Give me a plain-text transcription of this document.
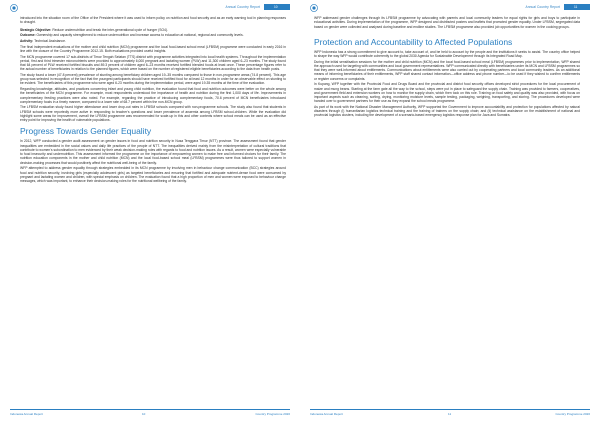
Annual Country Report	10

introduced into the situation room of the Office of the President where it was used to inform policy on nutrition and food security and as an early warning tool in planning responses to drought.

Strategic Objective: Reduce undernutrition and break the inter-generational cycle of hunger (SO4).

Outcome: Ownership and capacity strengthened to reduce undernutrition and increase access to education at national, regional and community levels.

Activity: Technical Assistance.

The final independent evaluations of the mother and child nutrition (MCN) programme and the local food-based school meal (LFBSM) programme were conducted in early 2016 in line with the closure of the Country Programme 2012-15. Both evaluations provided useful insights.

The MCN programme covered 17 sub-districts of Timor Tengah Selatan (TTS) district with programme activities integrated into local health systems. Throughout the implementation period, first and third trimester micronutrients were provided to approximately 6,000 pregnant and lactating women (PLW) and 11,300 children aged 6–23 months. The study found that 64 percent of PLW received fortified biscuits and 89.3 percent of children aged 6–23 months received fortified blended foods at least once. These percentage figures refer to the actual number of beneficiaries in relation to the planned figures, which were based on the number of registered eligible beneficiaries according to the data from health posts.

The study found a lower (47.8 percent) prevalence of stunting among beneficiary children aged 19–35 months compared to those in non-programme areas (74.8 percent). This age group was selected in recognition of the fact that the youngest participants should have received fortified food for at least 12 months in order for an observable effect on stunting to be evident. The beneficiaries of this programme who were aged 6-23 months during the implementation period, were aged 19-35 months at the time of the evaluation.

Regarding knowledge, attitudes, and practices concerning infant and young child nutrition, the evaluation found that food and nutrition outcomes were better on the whole among the beneficiaries of the MCN programme. For example, most respondents understood the importance of health and nutrition during the first 1,000 days of life. Improvements in complementary feeding practices were also noted. For example, regarding the practice of introducing complementary foods, 70.6 percent of MCN beneficiaries introduced complementary foods in a timely manner, compared to a lower rate of 68.7 percent within the non-MCN group.

The LFBSM evaluation study found higher attendance and lower drop-out rates in LFBSM schools compared with non-programme schools. The study also found that students in LFBSM schools were reportedly more active in responding to teacher's questions and lower prevalence of anaemia among LFBSM school-children. While the evaluation did highlight some areas for improvement, overall the LFBSM programme was recommended for scale-up in this and other contexts where school meals can be used as an effective entry point for improving the health of vulnerable populations.

Progress Towards Gender Equality

In 2012, WFP conducted a gender audit assessment on gender issues in food and nutrition security in Nusa Tenggara Timur (NTT) province. The assessment found that gender inequalities are embedded in the social values and daily life practices of the people of NTT. The inequalities derived mainly from the misinterpretation of cultural traditions that contribute to women's subordination to men evidenced by their weak decision-making roles with regards to food and nutrition issues. As a result, women were especially vulnerable to food insecurity and undernutrition. This assessment informed the programme on the importance of empowering women to make free and informed choices for their family. The nutrition education components in the mother and child nutrition (MCN) and the local food-based school meal (LFBSM) programmes were thus tailored to support women in decision-making processes that would positively affect the nutritional well-being of the family.

WFP attempted to address gender equality through strategies embedded in its MCN programme by involving men in behaviour change communication (BCC) strategies around food and nutrition security, involving girls (especially adolescent girls) as targeted beneficiaries and ensuring that fortified and adequate nutrient-dense food were consumed by pregnant and lactating women and children, with special emphasis on children. The evaluation found that a high proportion of men and women were exposed to behaviour change messages, which was important, to enhance their decision-making roles for the nutritional wellbeing of the family.

Indonesia Annual Report	10	Country Programme 2020
Annual Country Report	11

WFP addressed gender challenges through its LFBSM programme by advocating with parents and local community leaders for equal rights for girls and boys to participate in educational activities. During implementation of the programme, WFP designed and distributed posters and leaflets that promoted gender equality. Under LFBSM, segregated data based on gender were collected and analysed during baseline and endline studies. The LFBSM programme also provided job opportunities for women in the cooking groups.

Protection and Accountability to Affected Populations

WFP Indonesia has a strong commitment to give account to, take account of, and be held to account by the people and the institutions it seeks to assist. The country office helped to shape the way WFP would contribute coherently to the global 2030 Agenda for Sustainable Development through its Integrated Road Map.

During the initial sensitisation sessions for the mother and child nutrition (MCN) and the local food-based school meal (LFBSM) programmes prior to implementation, WFP shared the approach used for targeting with communities and local government representatives. WFP communicated directly with beneficiaries under its MCN and LFBSM programmes so that they were well-informed about entitlements. Communications about entitlements were also carried out by cooperating partners and local community leaders. As an additional means of informing beneficiaries of their entitlements, WFP staff shared contact information—office address and phone number—to be used if they wished to confirm entitlements or register concerns or complaints.

In Kupang, WFP together with the Provincial Food and Drugs Board and the provincial and district food security offices developed strict procedures for the local procurement of maize and mung beans. Starting at the farm gate all the way to the school, steps were put in place to safeguard the supply chain. Training was provided to farmers, cooperatives, and government field and extension workers on how to monitor the supply chain, which then took on this role. Training on food safety and quality was also provided, with focus on important aspects such as cleaning, sorting, drying, monitoring moisture levels, sample testing, packaging, weighing, transporting, and storing. The procedures developed were handed over to government partners for their use as they expand the school meals programme.

As part of its work with the National Disaster Management Authority, WFP supported the Government to improve accountability and protection for populations affected by natural disasters through (i) humanitarian logistics technical training and the training of trainers on the supply chain; and (ii) technical assistance on the establishment of national and provincial logistics clusters, including the development of a scenario-based emergency logistics response plan for Java and Sumatra.

Indonesia Annual Report	11	Country Programme 2020
